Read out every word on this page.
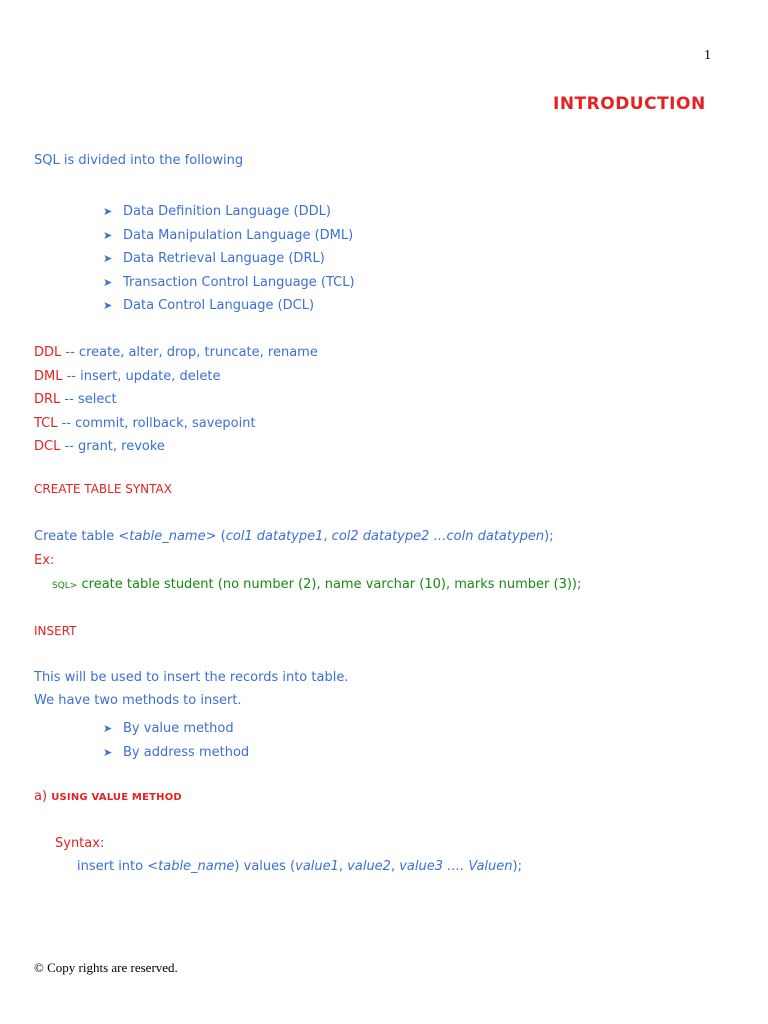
1
INTRODUCTION
SQL is divided into the following
➤ Data Definition Language (DDL)
➤ Data Manipulation Language (DML)
➤ Data Retrieval Language (DRL)
➤ Transaction Control Language (TCL)
➤ Data Control Language (DCL)
DDL -- create, alter, drop, truncate, rename
DML -- insert, update, delete
DRL -- select
TCL -- commit, rollback, savepoint
DCL -- grant, revoke
CREATE TABLE SYNTAX
Create table <table_name> (col1 datatype1, col2 datatype2 …coln datatypen);
Ex:
SQL> create table student (no number (2), name varchar (10), marks number (3));
INSERT
This will be used to insert the records into table.
We have two methods to insert.
➤ By value method
➤ By address method
a) USING VALUE METHOD
Syntax:
insert into <table_name) values (value1, value2, value3 …. Valuen);
© Copy rights are reserved.
